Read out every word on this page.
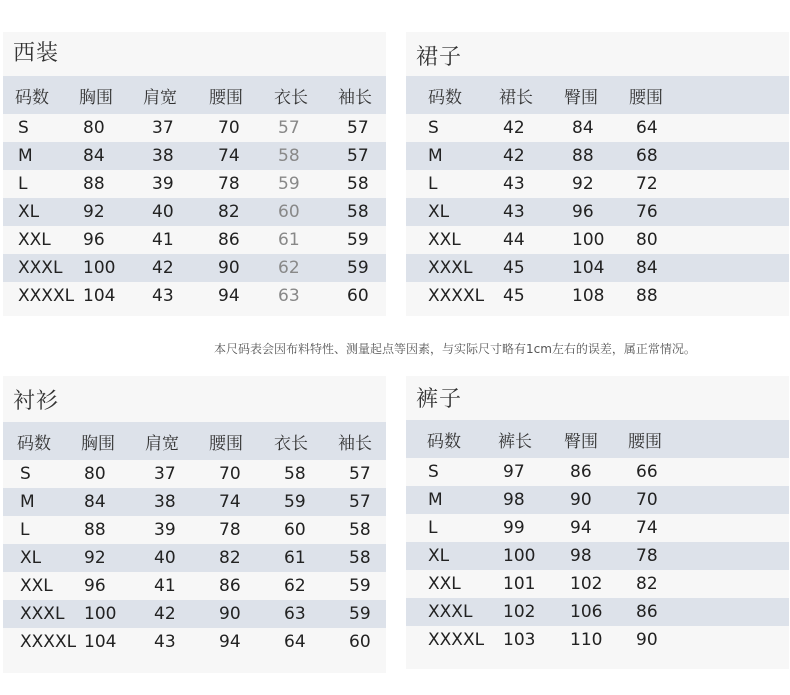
西装
码数 胸围 肩宽 腰围 衣长 袖长
S	80	37	70 57	57
M	84	38	74 58	57
L	88	39	78 59	58
XL	92	40	82 60	58
XXL 96	41	86 61	59
XXXL 100 42	90 62	59
XXXXL 104 43	94 63	60
裙子
码数 裙长 臀围 腰围
S	42	84 64
M	42	88 68
L	43	92 72
XL	43	96 76
XXL 44	100 80
XXXL 45	104 84
XXXXL 45	108 88
本尺码表会因布料特性、测量起点等因素，与实际尺寸略有1cm左右的误差，属正常情况。
衬衫
码数 胸围 肩宽 腰围 衣长 袖长
S	80	37	70	58	57
M	84	38	74	59	57
L	88	39	78	60	58
XL	92	40	82	61	58
XXL 96	41	86	62	59
XXXL 100 42	90	63	59
XXXXL 104 43	94	64	60
裤子
码数 裤长 臀围 腰围
S	97	86	66
M	98	90	70
L	99	94	74
XL	100 98	78
XXL 101 102 82
XXXL 102 106 86
XXXXL 103 110 90
